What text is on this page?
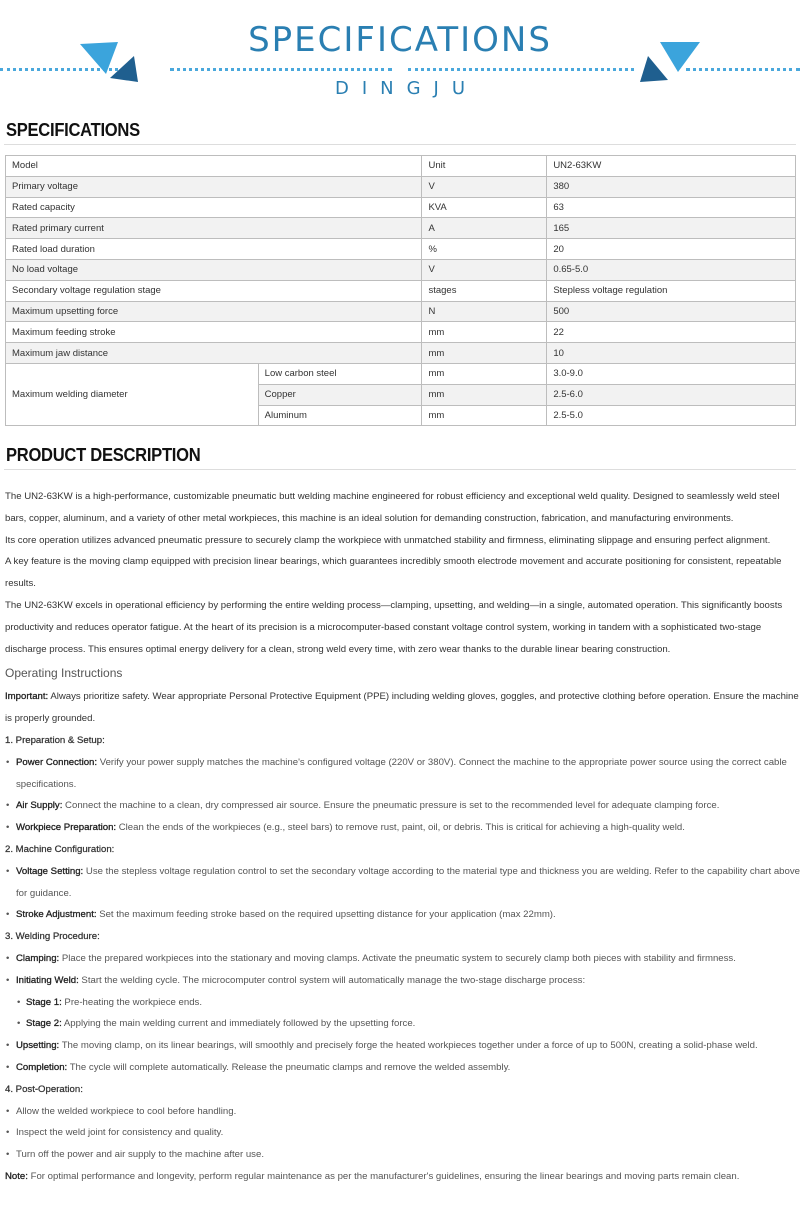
SPECIFICATIONS
DINGJU
SPECIFICATIONS
Model		Unit	UN2-63KW
Primary voltage		V	380
Rated capacity		KVA	63
Rated primary current		A	165
Rated load duration		%	20
No load voltage		V	0.65-5.0
Secondary voltage regulation stage		stages	Stepless voltage regulation
Maximum upsetting force		N	500
Maximum feeding stroke		mm	22
Maximum jaw distance		mm	10
Maximum welding diameter	Low carbon steel	mm	3.0-9.0
	Copper	mm	2.5-6.0
	Aluminum	mm	2.5-5.0
PRODUCT DESCRIPTION

The UN2-63KW is a high-performance, customizable pneumatic butt welding machine engineered for robust efficiency and exceptional weld quality. Designed to seamlessly weld steel bars, copper, aluminum, and a variety of other metal workpieces, this machine is an ideal solution for demanding construction, fabrication, and manufacturing environments.

Its core operation utilizes advanced pneumatic pressure to securely clamp the workpiece with unmatched stability and firmness, eliminating slippage and ensuring perfect alignment.

A key feature is the moving clamp equipped with precision linear bearings, which guarantees incredibly smooth electrode movement and accurate positioning for consistent, repeatable results.

The UN2-63KW excels in operational efficiency by performing the entire welding process—clamping, upsetting, and welding—in a single, automated operation. This significantly boosts productivity and reduces operator fatigue. At the heart of its precision is a microcomputer-based constant voltage control system, working in tandem with a sophisticated two-stage discharge process. This ensures optimal energy delivery for a clean, strong weld every time, with zero wear thanks to the durable linear bearing construction.

Operating Instructions

Important: Always prioritize safety. Wear appropriate Personal Protective Equipment (PPE) including welding gloves, goggles, and protective clothing before operation. Ensure the machine is properly grounded.

1. Preparation & Setup:

• Power Connection: Verify your power supply matches the machine's configured voltage (220V or 380V). Connect the machine to the appropriate power source using the correct cable specifications.
• Air Supply: Connect the machine to a clean, dry compressed air source. Ensure the pneumatic pressure is set to the recommended level for adequate clamping force.
• Workpiece Preparation: Clean the ends of the workpieces (e.g., steel bars) to remove rust, paint, oil, or debris. This is critical for achieving a high-quality weld.

2. Machine Configuration:

• Voltage Setting: Use the stepless voltage regulation control to set the secondary voltage according to the material type and thickness you are welding. Refer to the capability chart above for guidance.
• Stroke Adjustment: Set the maximum feeding stroke based on the required upsetting distance for your application (max 22mm).

3. Welding Procedure:

• Clamping: Place the prepared workpieces into the stationary and moving clamps. Activate the pneumatic system to securely clamp both pieces with stability and firmness.
• Initiating Weld: Start the welding cycle. The microcomputer control system will automatically manage the two-stage discharge process:
• Stage 1: Pre-heating the workpiece ends.
• Stage 2: Applying the main welding current and immediately followed by the upsetting force.
• Upsetting: The moving clamp, on its linear bearings, will smoothly and precisely forge the heated workpieces together under a force of up to 500N, creating a solid-phase weld.
• Completion: The cycle will complete automatically. Release the pneumatic clamps and remove the welded assembly.

4. Post-Operation:

• Allow the welded workpiece to cool before handling.
• Inspect the weld joint for consistency and quality.
• Turn off the power and air supply to the machine after use.

Note: For optimal performance and longevity, perform regular maintenance as per the manufacturer's guidelines, ensuring the linear bearings and moving parts remain clean.
